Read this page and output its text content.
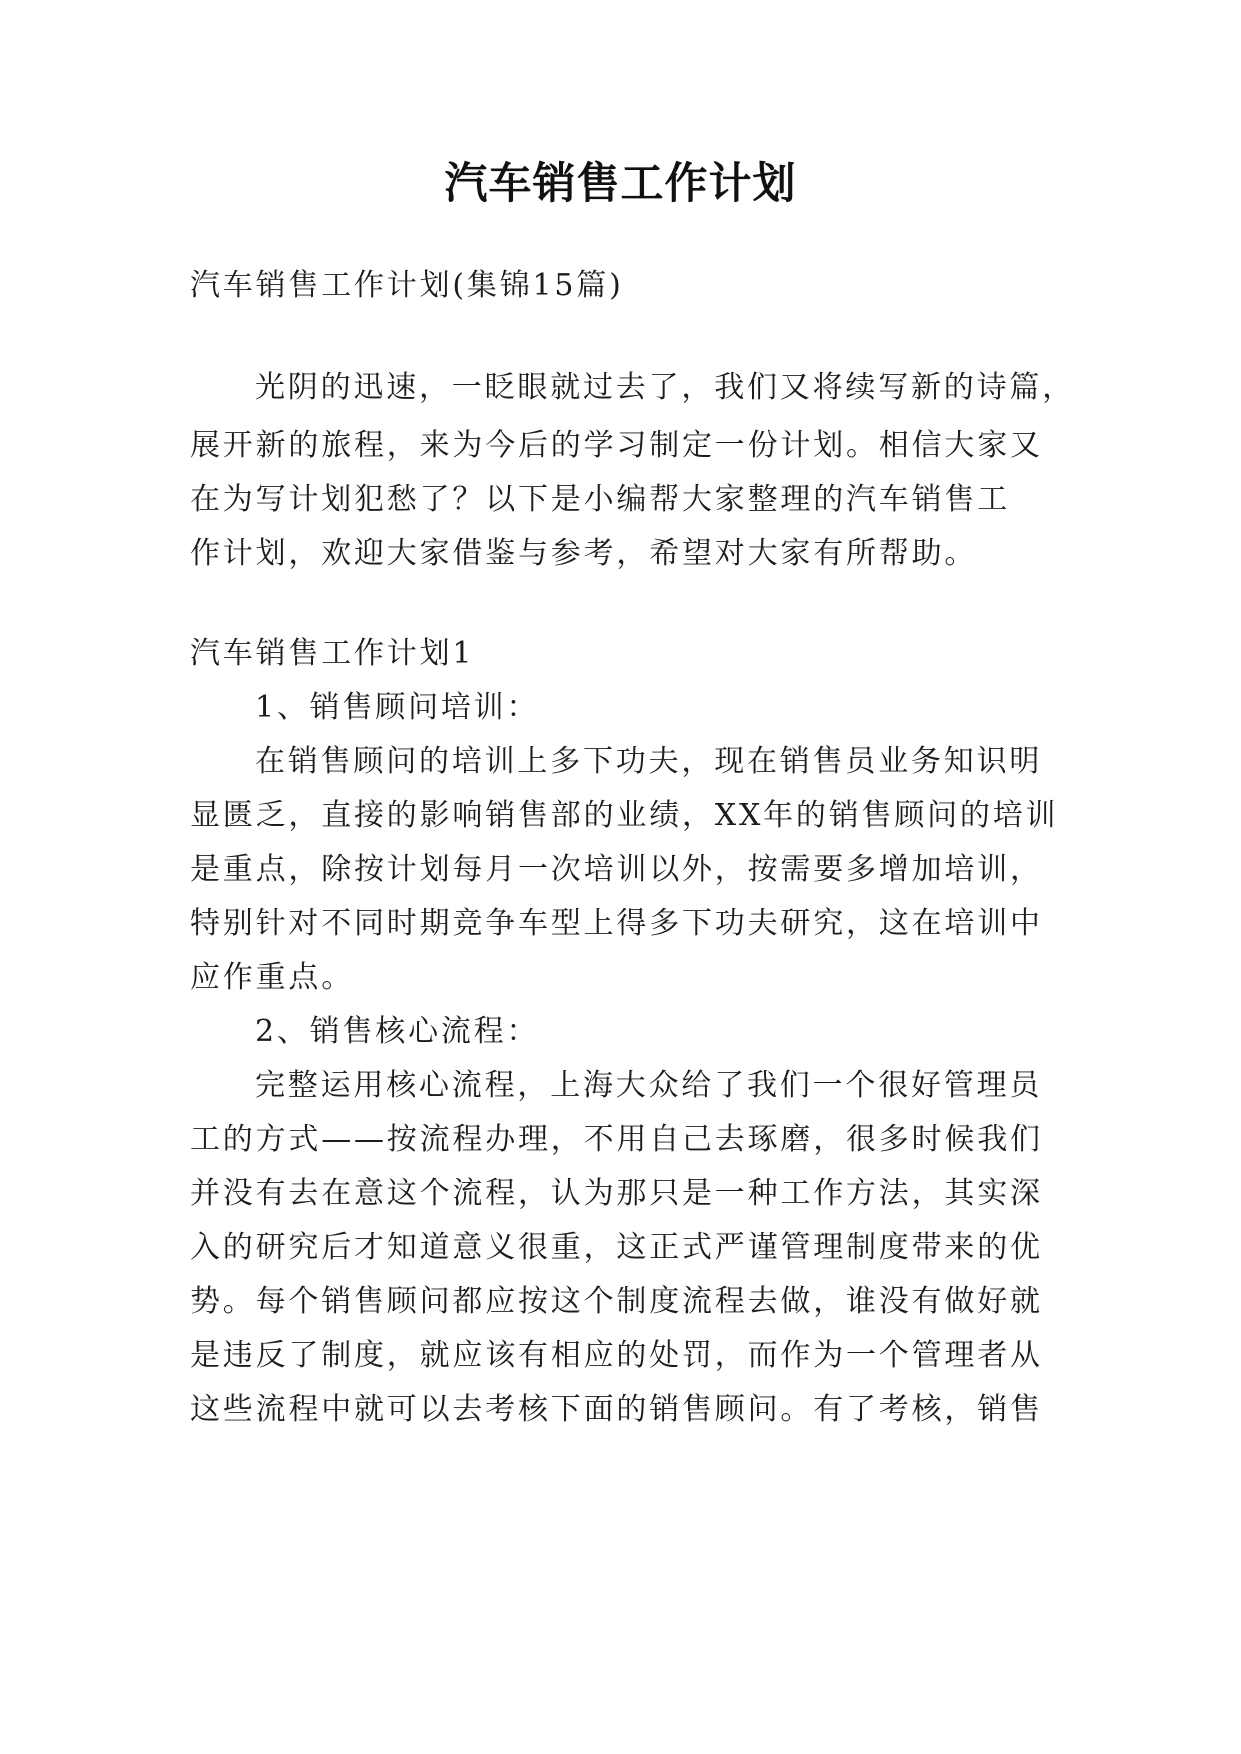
汽车销售工作计划
汽车销售工作计划(集锦15篇)
光阴的迅速，一眨眼就过去了，我们又将续写新的诗篇，
展开新的旅程，来为今后的学习制定一份计划。相信大家又
在为写计划犯愁了？以下是小编帮大家整理的汽车销售工
作计划，欢迎大家借鉴与参考，希望对大家有所帮助。
汽车销售工作计划1
1、销售顾问培训：
在销售顾问的培训上多下功夫，现在销售员业务知识明
显匮乏，直接的影响销售部的业绩，XX年的销售顾问的培训
是重点，除按计划每月一次培训以外，按需要多增加培训，
特别针对不同时期竞争车型上得多下功夫研究，这在培训中
应作重点。
2、销售核心流程：
完整运用核心流程，上海大众给了我们一个很好管理员
工的方式——按流程办理，不用自己去琢磨，很多时候我们
并没有去在意这个流程，认为那只是一种工作方法，其实深
入的研究后才知道意义很重，这正式严谨管理制度带来的优
势。每个销售顾问都应按这个制度流程去做，谁没有做好就
是违反了制度，就应该有相应的处罚，而作为一个管理者从
这些流程中就可以去考核下面的销售顾问。有了考核，销售
